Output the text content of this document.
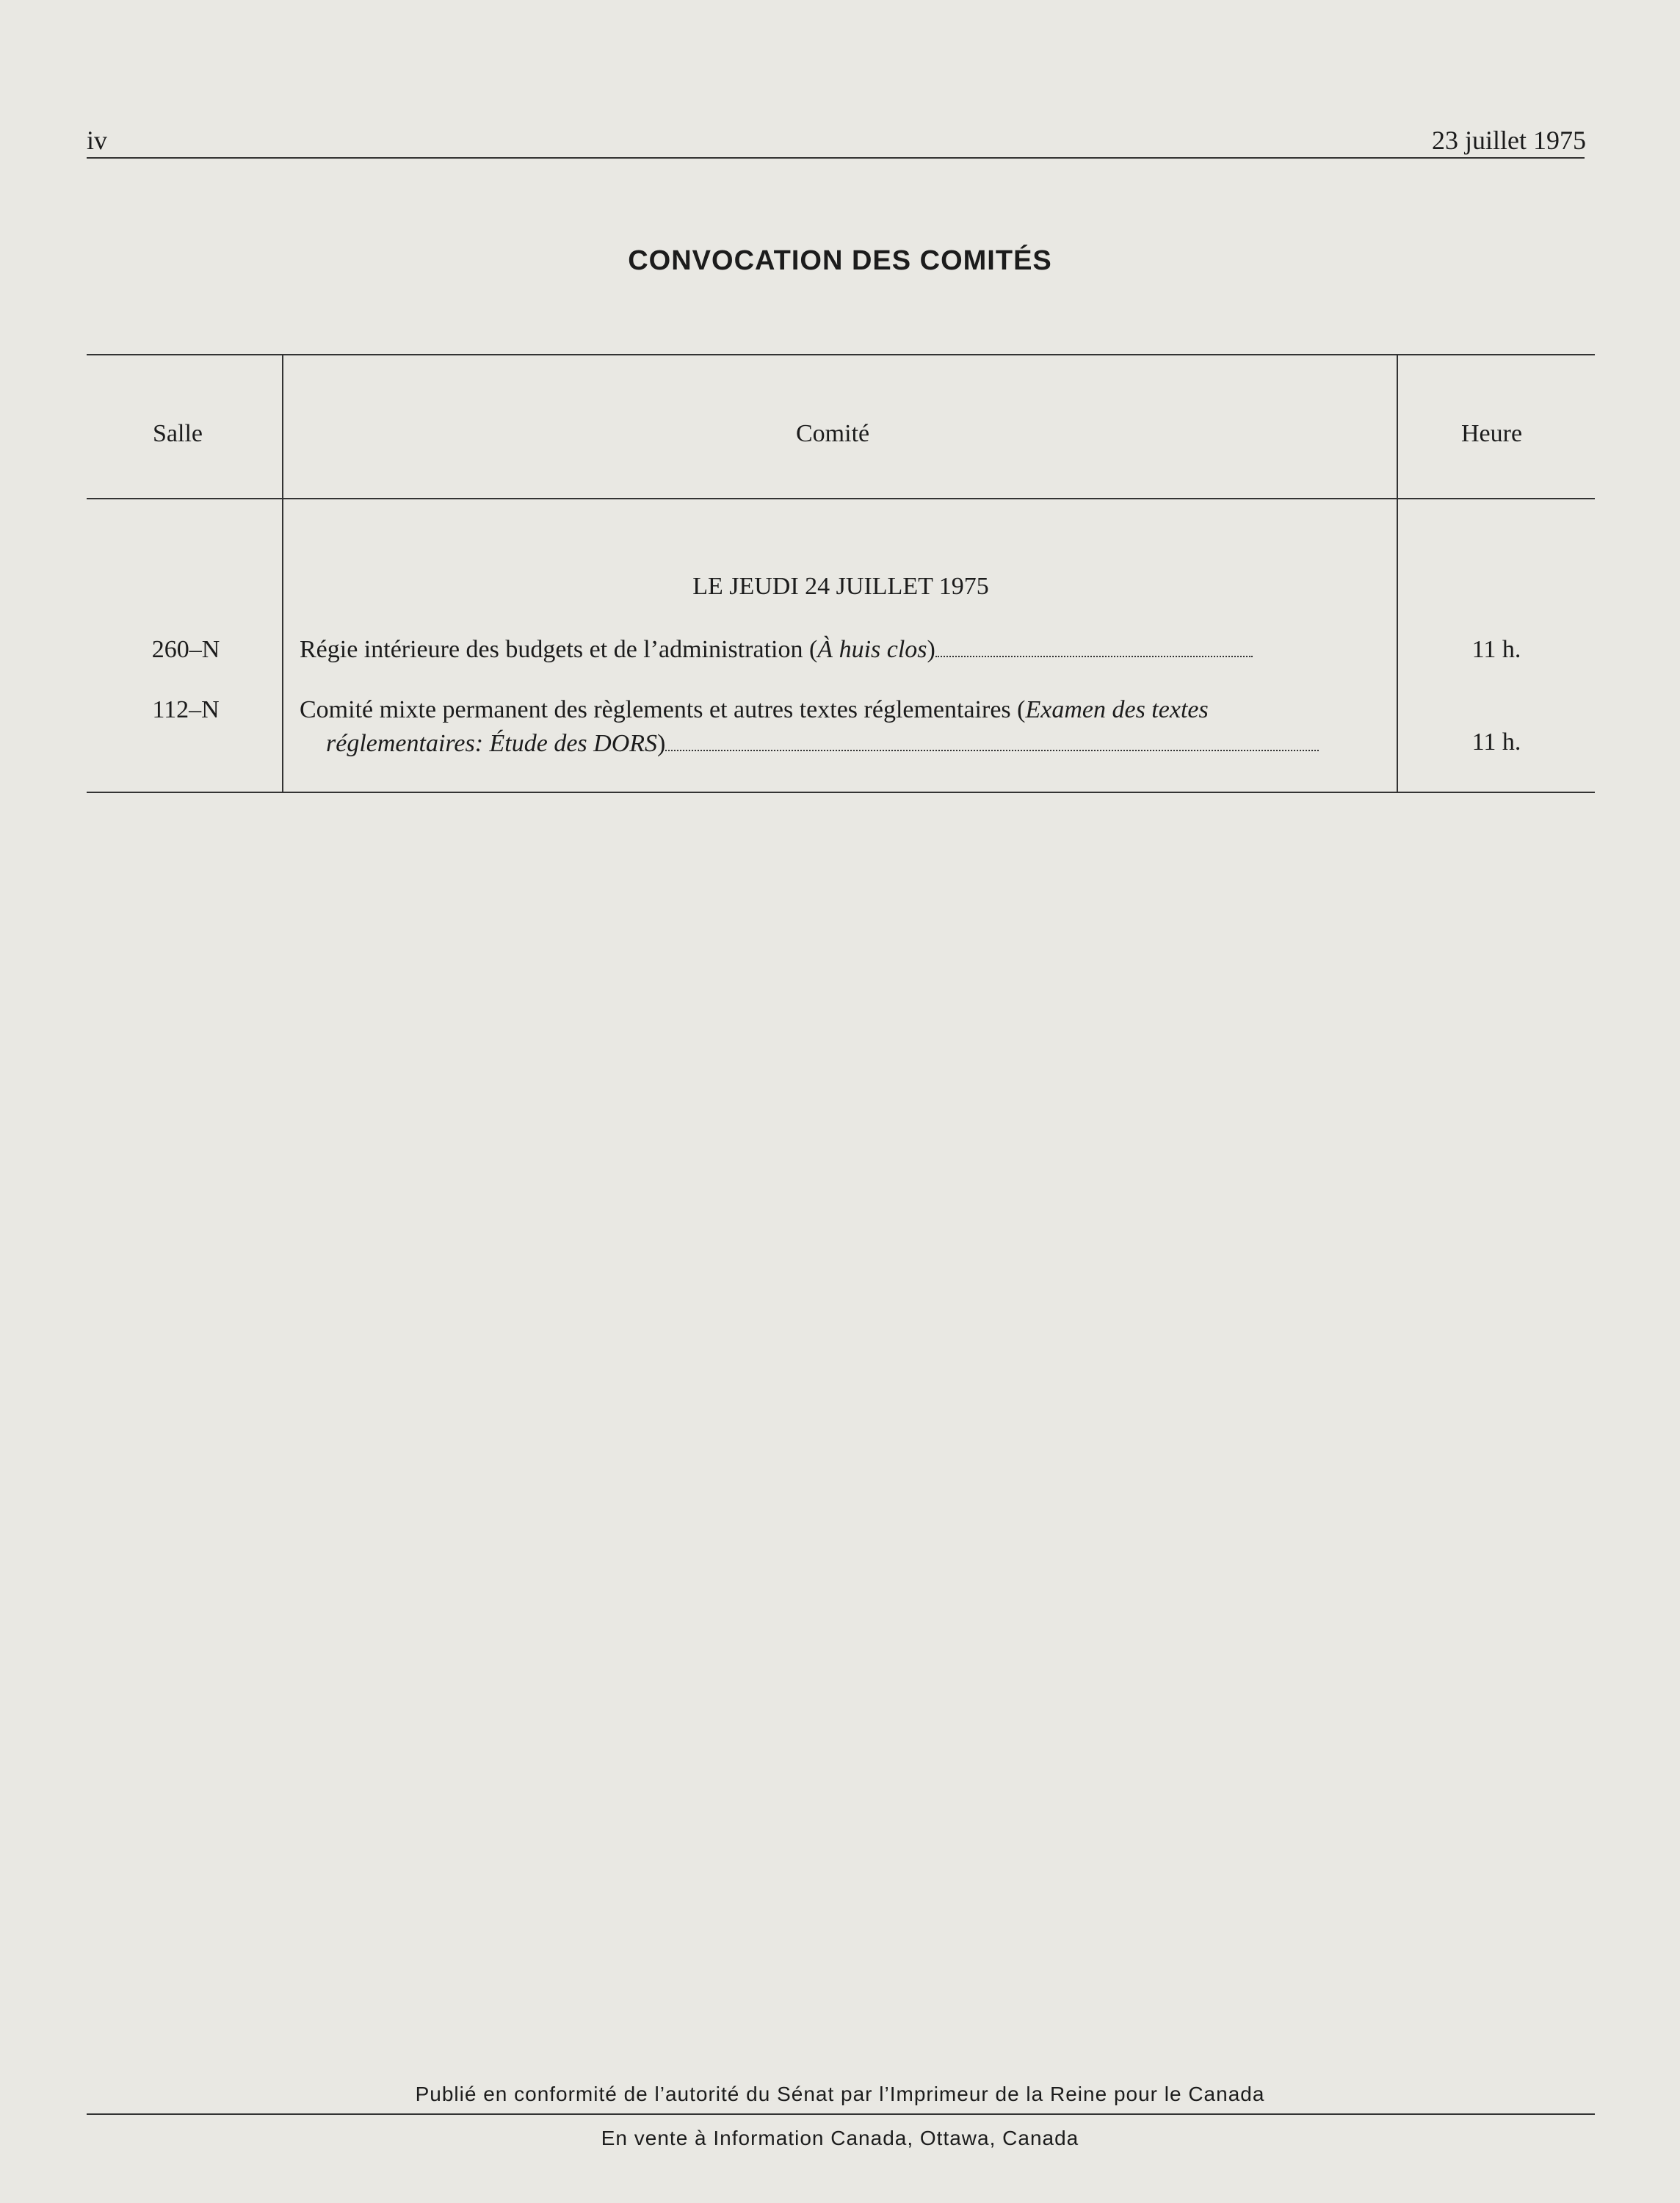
iv	23 juillet 1975
CONVOCATION DES COMITÉS
Salle	Comité	Heure
LE JEUDI 24 JUILLET 1975
260–N	Régie intérieure des budgets et de l’administration (À huis clos)	11 h.
112–N	Comité mixte permanent des règlements et autres textes réglementaires (Examen des textes
réglementaires: Étude des DORS)	11 h.
Publié en conformité de l’autorité du Sénat par l’Imprimeur de la Reine pour le Canada
En vente à Information Canada, Ottawa, Canada
